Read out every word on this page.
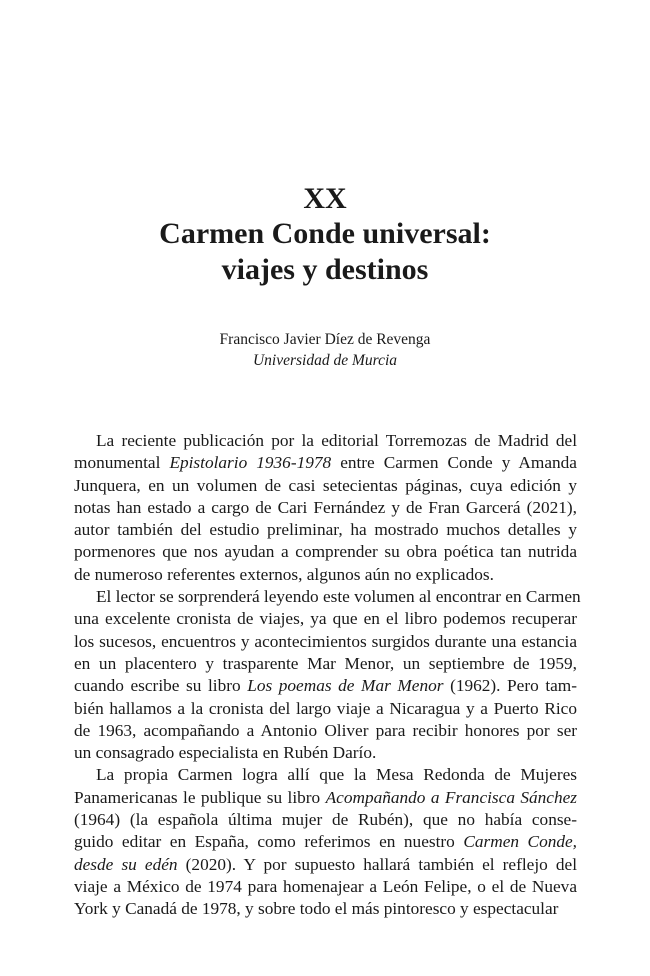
XX
Carmen Conde universal:
viajes y destinos
Francisco Javier Díez de Revenga
Universidad de Murcia

La reciente publicación por la editorial Torremozas de Madrid del
monumental Epistolario 1936-1978 entre Carmen Conde y Amanda
Junquera, en un volumen de casi setecientas páginas, cuya edición y
notas han estado a cargo de Cari Fernández y de Fran Garcerá (2021),
autor también del estudio preliminar, ha mostrado muchos detalles y
pormenores que nos ayudan a comprender su obra poética tan nutrida
de numeroso referentes externos, algunos aún no explicados.

El lector se sorprenderá leyendo este volumen al encontrar en Carmen
una excelente cronista de viajes, ya que en el libro podemos recuperar
los sucesos, encuentros y acontecimientos surgidos durante una estancia
en un placentero y trasparente Mar Menor, un septiembre de 1959,
cuando escribe su libro Los poemas de Mar Menor (1962). Pero tam-
bién hallamos a la cronista del largo viaje a Nicaragua y a Puerto Rico
de 1963, acompañando a Antonio Oliver para recibir honores por ser
un consagrado especialista en Rubén Darío.

La propia Carmen logra allí que la Mesa Redonda de Mujeres
Panamericanas le publique su libro Acompañando a Francisca Sánchez
(1964) (la española última mujer de Rubén), que no había conse-
guido editar en España, como referimos en nuestro Carmen Conde,
desde su edén (2020). Y por supuesto hallará también el reflejo del
viaje a México de 1974 para homenajear a León Felipe, o el de Nueva
York y Canadá de 1978, y sobre todo el más pintoresco y espectacular
